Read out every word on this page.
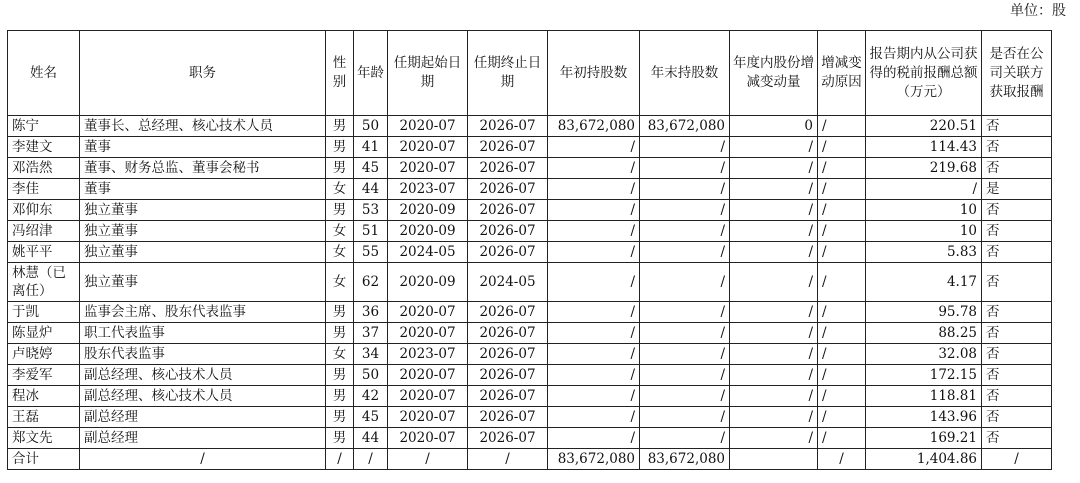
单位：股
姓名	职务	性别	年龄	任期起始日期	任期终止日期	年初持股数	年末持股数	年度内股份增减变动量	增减变动原因	报告期内从公司获得的税前报酬总额（万元）	是否在公司关联方获取报酬
陈宁	董事长、总经理、核心技术人员	男	50	2020-07	2026-07	83,672,080	83,672,080	0	/	220.51	否
李建文	董事	男	41	2020-07	2026-07	/	/	/	/	114.43	否
邓浩然	董事、财务总监、董事会秘书	男	45	2020-07	2026-07	/	/	/	/	219.68	否
李佳	董事	女	44	2023-07	2026-07	/	/	/	/	/	是
邓仰东	独立董事	男	53	2020-09	2026-07	/	/	/	/	10	否
冯绍津	独立董事	女	51	2020-09	2026-07	/	/	/	/	10	否
姚平平	独立董事	女	55	2024-05	2026-07	/	/	/	/	5.83	否
林慧（已离任）	独立董事	女	62	2020-09	2024-05	/	/	/	/	4.17	否
于凯	监事会主席、股东代表监事	男	36	2020-07	2026-07	/	/	/	/	95.78	否
陈显炉	职工代表监事	男	37	2020-07	2026-07	/	/	/	/	88.25	否
卢晓婷	股东代表监事	女	34	2023-07	2026-07	/	/	/	/	32.08	否
李爱军	副总经理、核心技术人员	男	50	2020-07	2026-07	/	/	/	/	172.15	否
程冰	副总经理、核心技术人员	男	42	2020-07	2026-07	/	/	/	/	118.81	否
王磊	副总经理	男	45	2020-07	2026-07	/	/	/	/	143.96	否
郑文先	副总经理	男	44	2020-07	2026-07	/	/	/	/	169.21	否
合计	/	/	/	/	/	83,672,080	83,672,080		/	1,404.86	/
